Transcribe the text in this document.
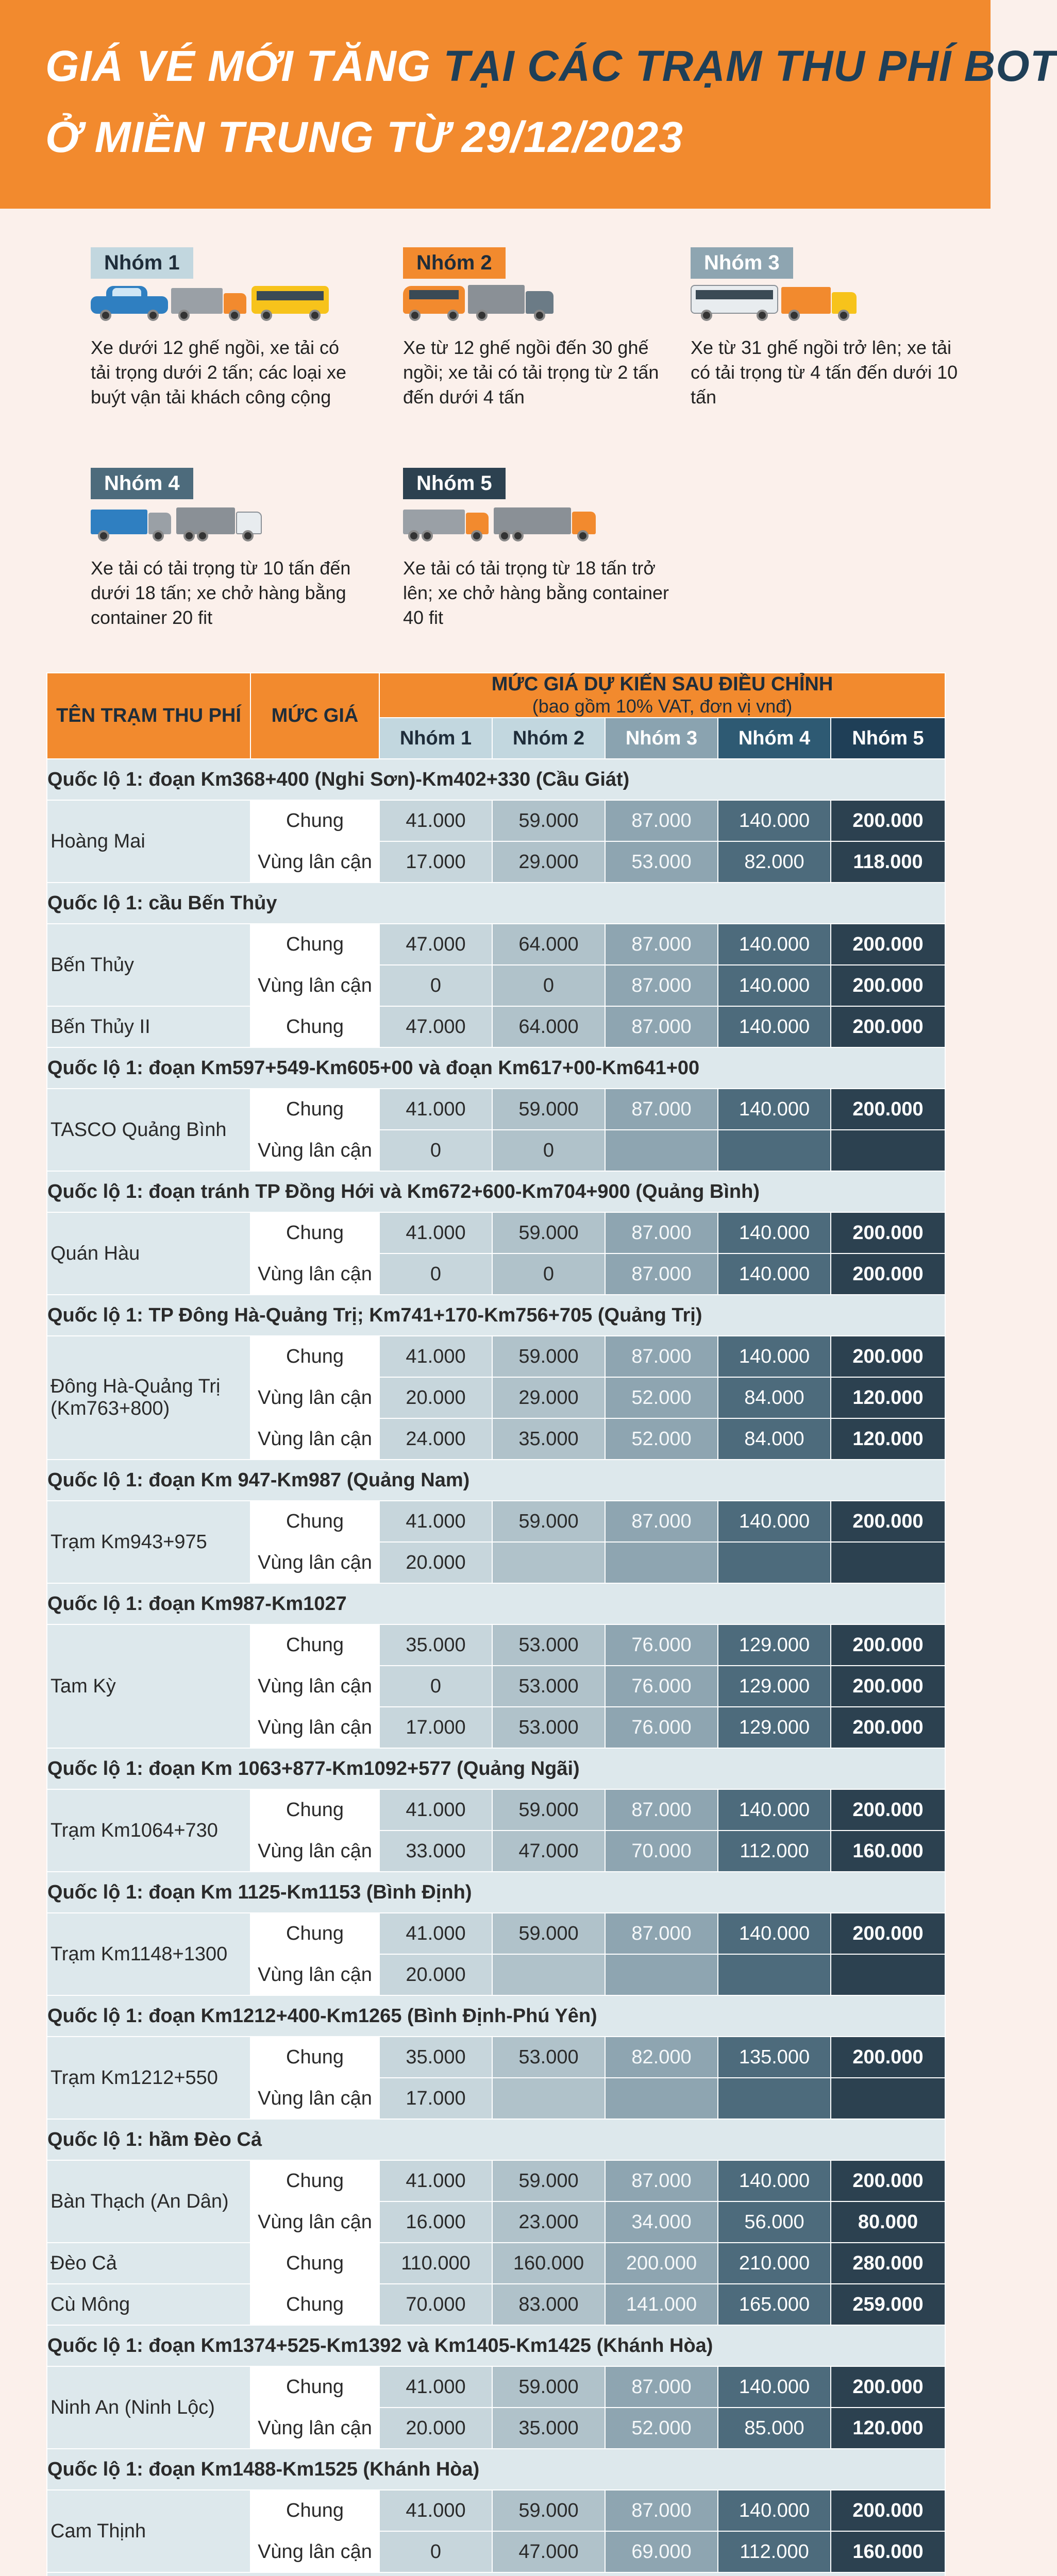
GIÁ VÉ MỚI TĂNG TẠI CÁC TRẠM THU PHÍ BOT
Ở MIỀN TRUNG TỪ 29/12/2023
Nhóm 1
Xe dưới 12 ghế ngồi, xe tải có tải trọng dưới 2 tấn; các loại xe buýt vận tải khách công cộng
Nhóm 2
Xe từ 12 ghế ngồi đến 30 ghế ngồi; xe tải có tải trọng từ 2 tấn đến dưới 4 tấn
Nhóm 3
Xe từ 31 ghế ngồi trở lên; xe tải có tải trọng từ 4 tấn đến dưới 10 tấn
Nhóm 4
Xe tải có tải trọng từ 10 tấn đến dưới 18 tấn; xe chở hàng bằng container 20 fit
Nhóm 5
Xe tải có tải trọng từ 18 tấn trở lên; xe chở hàng bằng container 40 fit
TÊN TRẠM THU PHÍ	MỨC GIÁ	MỨC GIÁ DỰ KIẾN SAU ĐIỀU CHỈNH
(bao gồm 10% VAT, đơn vị vnđ)				

		Nhóm 1	Nhóm 2	Nhóm 3	Nhóm 4	Nhóm 5
Quốc lộ 1: đoạn Km368+400 (Nghi Sơn)-Km402+330 (Cầu Giát)						
Hoàng Mai	Chung	41.000	59.000	87.000	140.000	200.000
	Vùng lân cận	17.000	29.000	53.000	82.000	118.000
Quốc lộ 1: cầu Bến Thủy						
Bến Thủy	Chung	47.000	64.000	87.000	140.000	200.000
	Vùng lân cận	0	0	87.000	140.000	200.000
Bến Thủy II	Chung	47.000	64.000	87.000	140.000	200.000
Quốc lộ 1: đoạn Km597+549-Km605+00 và đoạn Km617+00-Km641+00						
TASCO Quảng Bình	Chung	41.000	59.000	87.000	140.000	200.000
	Vùng lân cận	0	0			
Quốc lộ 1: đoạn tránh TP Đồng Hới và Km672+600-Km704+900 (Quảng Bình)						
Quán Hàu	Chung	41.000	59.000	87.000	140.000	200.000
	Vùng lân cận	0	0	87.000	140.000	200.000
Quốc lộ 1: TP Đông Hà-Quảng Trị; Km741+170-Km756+705 (Quảng Trị)						
Đông Hà-Quảng Trị (Km763+800)	Chung	41.000	59.000	87.000	140.000	200.000
	Vùng lân cận	20.000	29.000	52.000	84.000	120.000
	Vùng lân cận	24.000	35.000	52.000	84.000	120.000
Quốc lộ 1: đoạn Km 947-Km987 (Quảng Nam)						
Trạm Km943+975	Chung	41.000	59.000	87.000	140.000	200.000
	Vùng lân cận	20.000				
Quốc lộ 1: đoạn Km987-Km1027						
Tam Kỳ	Chung	35.000	53.000	76.000	129.000	200.000
	Vùng lân cận	0	53.000	76.000	129.000	200.000
	Vùng lân cận	17.000	53.000	76.000	129.000	200.000
Quốc lộ 1: đoạn Km 1063+877-Km1092+577 (Quảng Ngãi)						
Trạm Km1064+730	Chung	41.000	59.000	87.000	140.000	200.000
	Vùng lân cận	33.000	47.000	70.000	112.000	160.000
Quốc lộ 1: đoạn Km 1125-Km1153 (Bình Định)						
Trạm Km1148+1300	Chung	41.000	59.000	87.000	140.000	200.000
	Vùng lân cận	20.000				
Quốc lộ 1: đoạn Km1212+400-Km1265 (Bình Định-Phú Yên)						
Trạm Km1212+550	Chung	35.000	53.000	82.000	135.000	200.000
	Vùng lân cận	17.000				
Quốc lộ 1: hầm Đèo Cả						
Bàn Thạch (An Dân)	Chung	41.000	59.000	87.000	140.000	200.000
	Vùng lân cận	16.000	23.000	34.000	56.000	80.000
Đèo Cả	Chung	110.000	160.000	200.000	210.000	280.000
Cù Mông	Chung	70.000	83.000	141.000	165.000	259.000
Quốc lộ 1: đoạn Km1374+525-Km1392 và Km1405-Km1425 (Khánh Hòa)						
Ninh An (Ninh Lộc)	Chung	41.000	59.000	87.000	140.000	200.000
	Vùng lân cận	20.000	35.000	52.000	85.000	120.000
Quốc lộ 1: đoạn Km1488-Km1525 (Khánh Hòa)						
Cam Thịnh	Chung	41.000	59.000	87.000	140.000	200.000
	Vùng lân cận	0	47.000	69.000	112.000	160.000
